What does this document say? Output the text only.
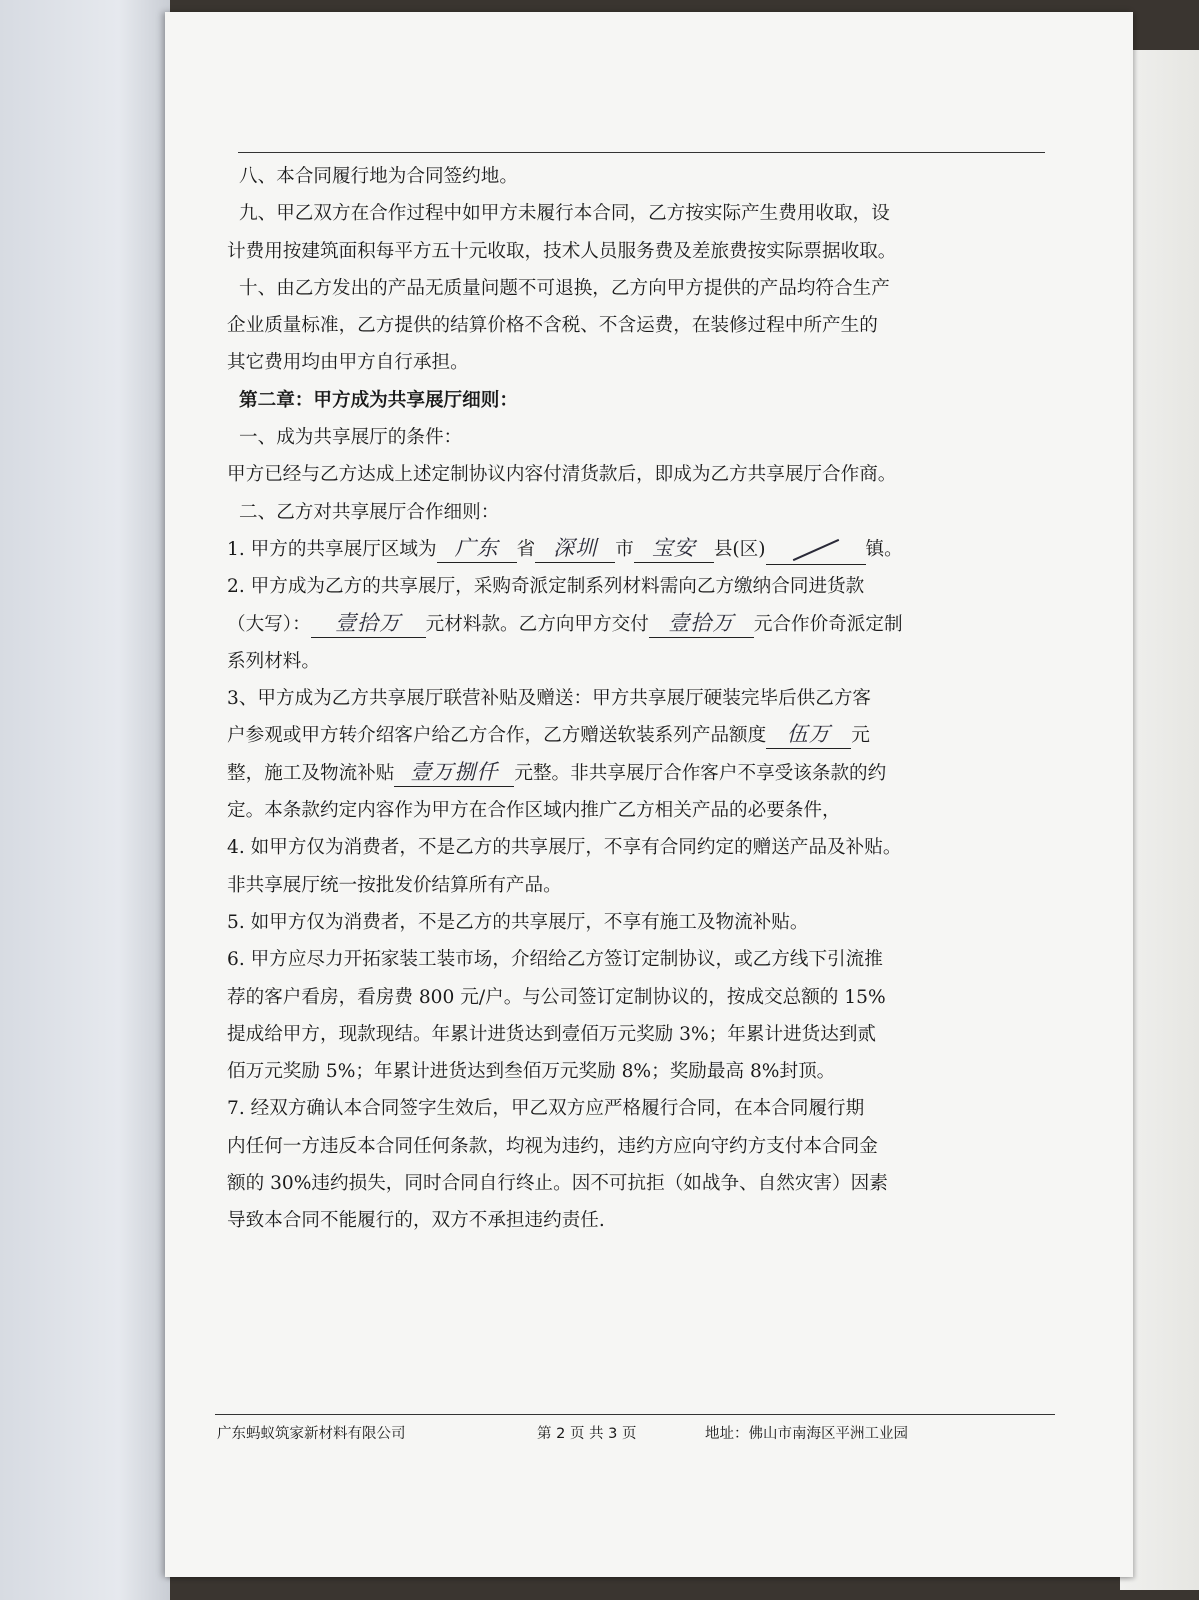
八、本合同履行地为合同签约地。

九、甲乙双方在合作过程中如甲方未履行本合同，乙方按实际产生费用收取，设

计费用按建筑面积每平方五十元收取，技术人员服务费及差旅费按实际票据收取。

十、由乙方发出的产品无质量问题不可退换，乙方向甲方提供的产品均符合生产

企业质量标准，乙方提供的结算价格不含税、不含运费，在装修过程中所产生的

其它费用均由甲方自行承担。

第二章：甲方成为共享展厅细则：

一、成为共享展厅的条件：

甲方已经与乙方达成上述定制协议内容付清货款后，即成为乙方共享展厅合作商。

二、乙方对共享展厅合作细则：

1. 甲方的共享展厅区域为 广东 省 深圳 市 宝安 县(区)	镇。

2. 甲方成为乙方的共享展厅，采购奇派定制系列材料需向乙方缴纳合同进货款

（大写）： 壹拾万 元材料款。乙方向甲方交付 壹拾万 元合作价奇派定制

系列材料。

3、甲方成为乙方共享展厅联营补贴及赠送：甲方共享展厅硬装完毕后供乙方客

户参观或甲方转介绍客户给乙方合作，乙方赠送软装系列产品额度 伍万 元

整，施工及物流补贴 壹万捌仟 元整。非共享展厅合作客户不享受该条款的约

定。本条款约定内容作为甲方在合作区域内推广乙方相关产品的必要条件，

4. 如甲方仅为消费者，不是乙方的共享展厅，不享有合同约定的赠送产品及补贴。

非共享展厅统一按批发价结算所有产品。

5. 如甲方仅为消费者，不是乙方的共享展厅，不享有施工及物流补贴。

6. 甲方应尽力开拓家装工装市场，介绍给乙方签订定制协议，或乙方线下引流推

荐的客户看房，看房费 800 元/户。与公司签订定制协议的，按成交总额的 15%

提成给甲方，现款现结。年累计进货达到壹佰万元奖励 3%；年累计进货达到贰

佰万元奖励 5%；年累计进货达到叁佰万元奖励 8%；奖励最高 8%封顶。

7. 经双方确认本合同签字生效后，甲乙双方应严格履行合同，在本合同履行期

内任何一方违反本合同任何条款，均视为违约，违约方应向守约方支付本合同金

额的 30%违约损失，同时合同自行终止。因不可抗拒（如战争、自然灾害）因素

导致本合同不能履行的，双方不承担违约责任.

广东蚂蚁筑家新材料有限公司	第 2 页 共 3 页	地址：佛山市南海区平洲工业园
